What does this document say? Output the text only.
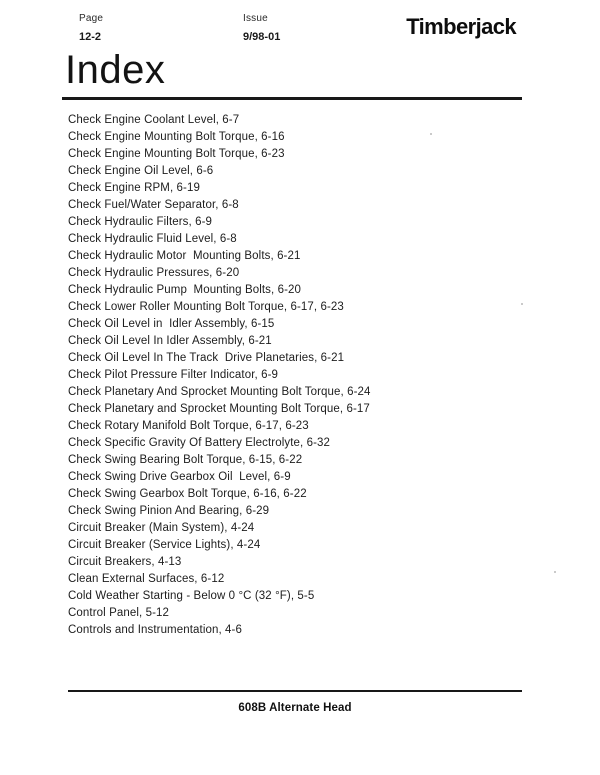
Page
12-2
Issue
9/98-01	Timberjack
Index
Check Engine Coolant Level, 6-7
Check Engine Mounting Bolt Torque, 6-16
Check Engine Mounting Bolt Torque, 6-23
Check Engine Oil Level, 6-6
Check Engine RPM, 6-19
Check Fuel/Water Separator, 6-8
Check Hydraulic Filters, 6-9
Check Hydraulic Fluid Level, 6-8
Check Hydraulic Motor  Mounting Bolts, 6-21
Check Hydraulic Pressures, 6-20
Check Hydraulic Pump  Mounting Bolts, 6-20
Check Lower Roller Mounting Bolt Torque, 6-17, 6-23
Check Oil Level in  Idler Assembly, 6-15
Check Oil Level In Idler Assembly, 6-21
Check Oil Level In The Track  Drive Planetaries, 6-21
Check Pilot Pressure Filter Indicator, 6-9
Check Planetary And Sprocket Mounting Bolt Torque, 6-24
Check Planetary and Sprocket Mounting Bolt Torque, 6-17
Check Rotary Manifold Bolt Torque, 6-17, 6-23
Check Specific Gravity Of Battery Electrolyte, 6-32
Check Swing Bearing Bolt Torque, 6-15, 6-22
Check Swing Drive Gearbox Oil  Level, 6-9
Check Swing Gearbox Bolt Torque, 6-16, 6-22
Check Swing Pinion And Bearing, 6-29
Circuit Breaker (Main System), 4-24
Circuit Breaker (Service Lights), 4-24
Circuit Breakers, 4-13
Clean External Surfaces, 6-12
Cold Weather Starting - Below 0 °C (32 °F), 5-5
Control Panel, 5-12
Controls and Instrumentation, 4-6
608B Alternate Head
